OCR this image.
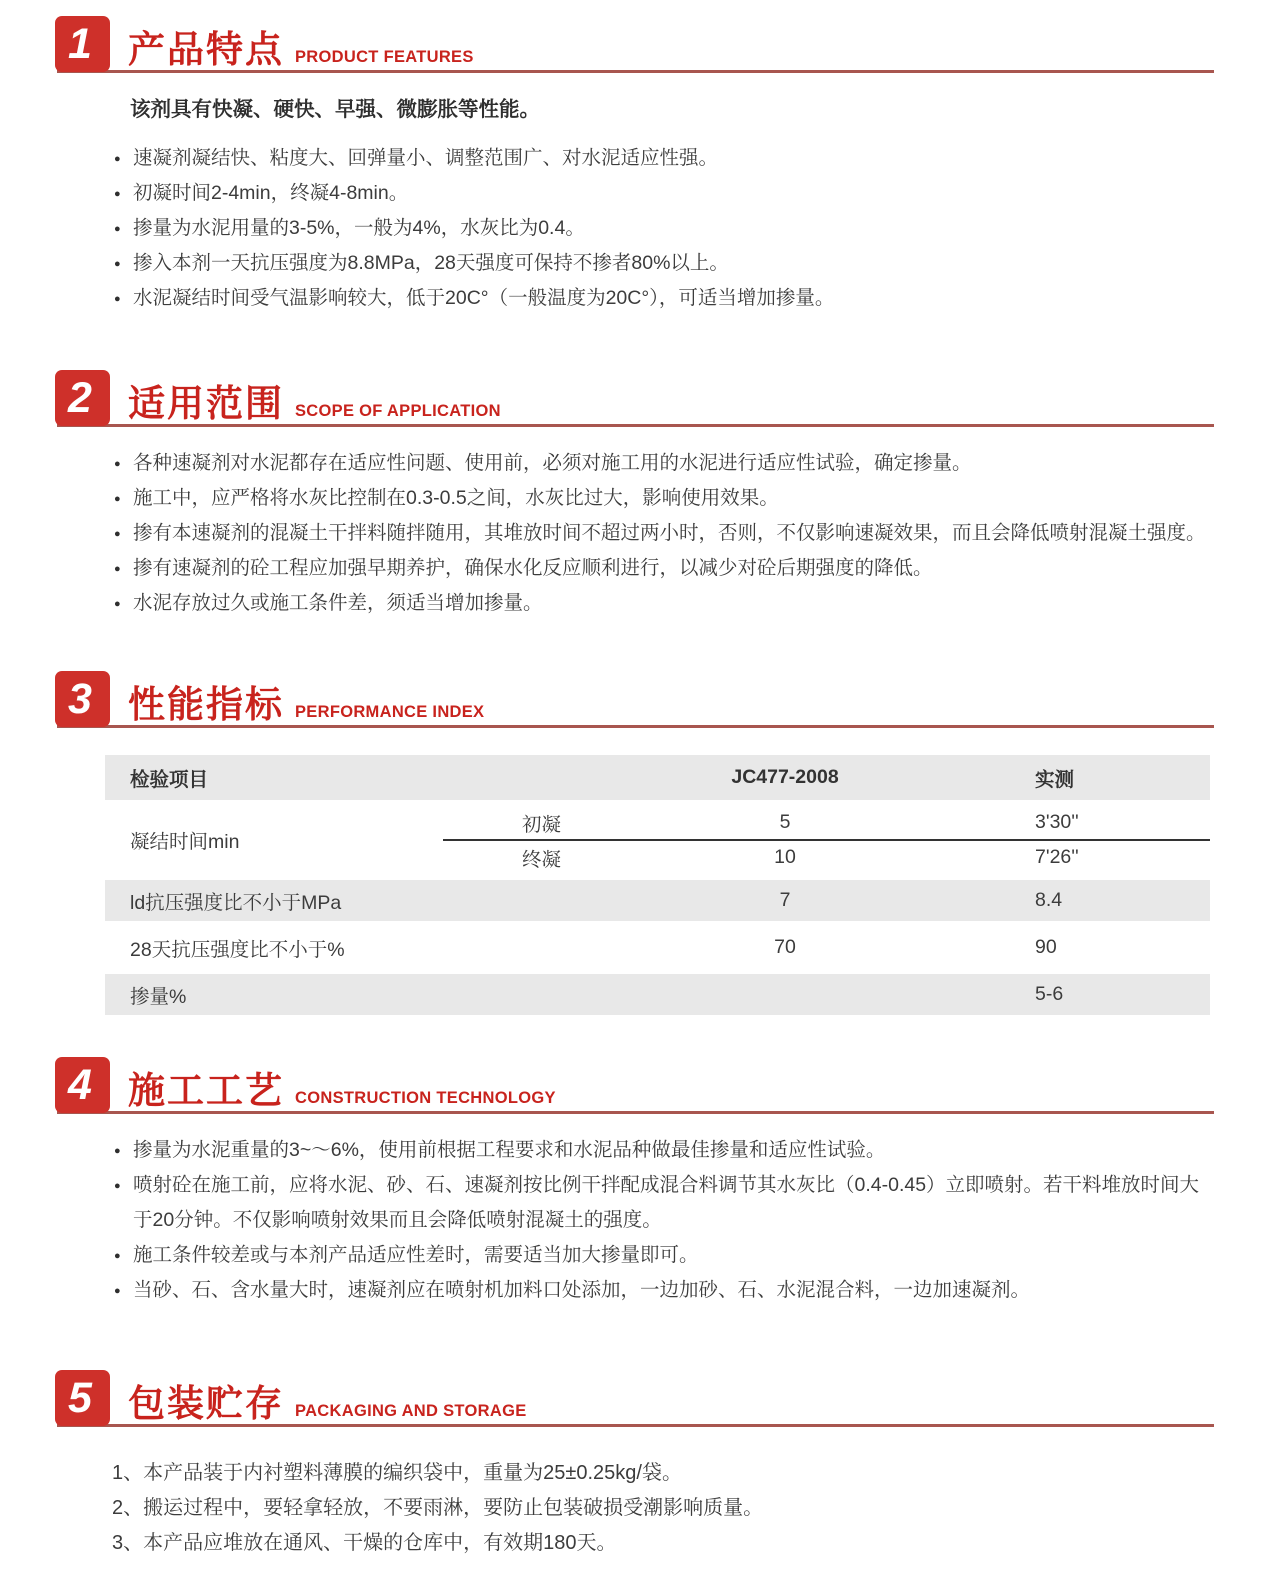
1 产品特点 PRODUCT FEATURES

该剂具有快凝、硬快、早强、微膨胀等性能。

● 速凝剂凝结快、粘度大、回弹量小、调整范围广、对水泥适应性强。
● 初凝时间2-4min，终凝4-8min。
● 掺量为水泥用量的3-5%，一般为4%，水灰比为0.4。
● 掺入本剂一天抗压强度为8.8MPa，28天强度可保持不掺者80%以上。
● 水泥凝结时间受气温影响较大，低于20C°（一般温度为20C°），可适当增加掺量。
2 适用范围 SCOPE OF APPLICATION
● 各种速凝剂对水泥都存在适应性问题、使用前，必须对施工用的水泥进行适应性试验，确定掺量。
● 施工中，应严格将水灰比控制在0.3-0.5之间，水灰比过大，影响使用效果。
● 掺有本速凝剂的混凝土干拌料随拌随用，其堆放时间不超过两小时，否则，不仅影响速凝效果，而且会降低喷射混凝土强度。
● 掺有速凝剂的砼工程应加强早期养护，确保水化反应顺利进行，以减少对砼后期强度的降低。
● 水泥存放过久或施工条件差，须适当增加掺量。
3 性能指标 PERFORMANCE INDEX
检验项目		JC477-2008	实测

凝结时间min	初凝	5	3'30''
	终凝	10	7'26''

ld抗压强度比不小于MPa		7	8.4

28天抗压强度比不小于%		70	90

掺量%			5-6
4 施工工艺 CONSTRUCTION TECHNOLOGY
● 掺量为水泥重量的3~～6%，使用前根据工程要求和水泥品种做最佳掺量和适应性试验。
● 喷射砼在施工前，应将水泥、砂、石、速凝剂按比例干拌配成混合料调节其水灰比（0.4-0.45）立即喷射。若干料堆放时间大于20分钟。不仅影响喷射效果而且会降低喷射混凝土的强度。
● 施工条件较差或与本剂产品适应性差时，需要适当加大掺量即可。
● 当砂、石、含水量大时，速凝剂应在喷射机加料口处添加，一边加砂、石、水泥混合料，一边加速凝剂。
5 包装贮存 PACKAGING AND STORAGE

1、本产品装于内衬塑料薄膜的编织袋中，重量为25±0.25kg/袋。

2、搬运过程中，要轻拿轻放，不要雨淋，要防止包装破损受潮影响质量。

3、本产品应堆放在通风、干燥的仓库中，有效期180天。
